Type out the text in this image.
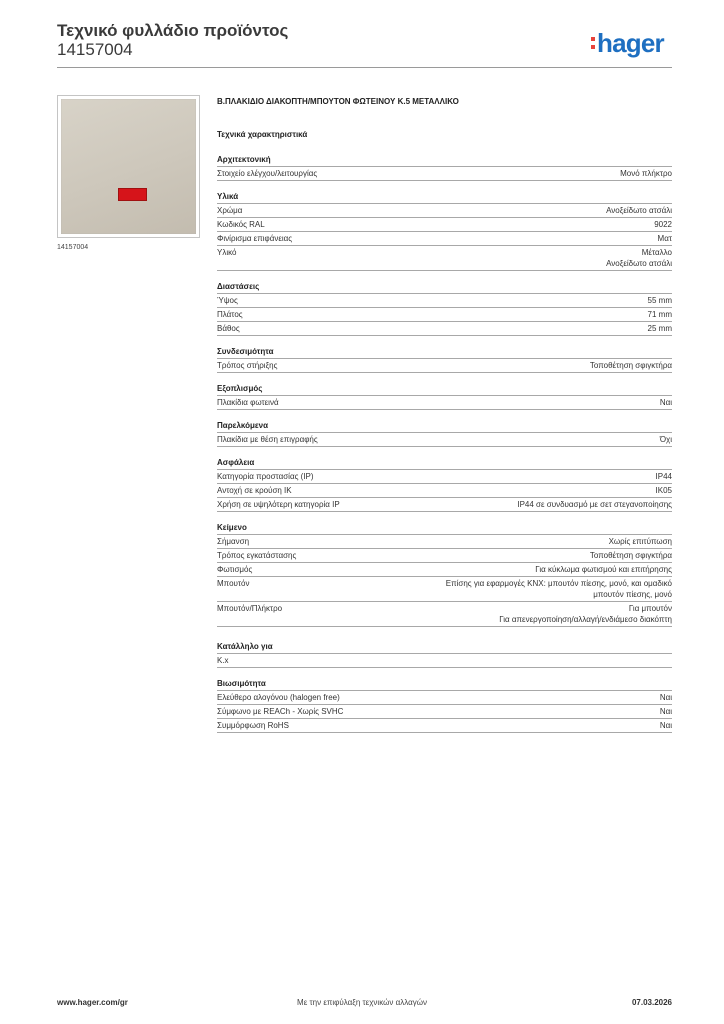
Τεχνικό φυλλάδιο προϊόντος
14157004	hager
14157004
Β.ΠΛΑΚΙΔΙΟ ΔΙΑΚΟΠΤΗ/ΜΠΟΥΤΟΝ ΦΩΤΕΙΝΟΥ Κ.5 ΜΕΤΑΛΛΙΚΟ
Τεχνικά χαρακτηριστικά
Αρχιτεκτονική
Στοιχείο ελέγχου/λειτουργίας	Μονό πλήκτρο
Υλικά
Χρώμα	Ανοξείδωτο ατσάλι
Κωδικός RAL	9022
Φινίρισμα επιφάνειας	Ματ
Υλικό	Μέταλλο
Ανοξείδωτο ατσάλι
Διαστάσεις
Ύψος	55 mm
Πλάτος	71 mm
Βάθος	25 mm
Συνδεσιμότητα
Τρόπος στήριξης	Τοποθέτηση σφιγκτήρα
Εξοπλισμός
Πλακίδια φωτεινά	Ναι
Παρελκόμενα
Πλακίδια με θέση επιγραφής	Όχι
Ασφάλεια
Κατηγορία προστασίας (IP)	IP44
Αντοχή σε κρούση IK	IK05
Χρήση σε υψηλότερη κατηγορία IP	IP44 σε συνδυασμό με σετ στεγανοποίησης
Κείμενο
Σήμανση	Χωρίς επιτύπωση
Τρόπος εγκατάστασης	Τοποθέτηση σφιγκτήρα
Φωτισμός	Για κύκλωμα φωτισμού και επιτήρησης
Μπουτόν	Επίσης για εφαρμογές KNX: μπουτόν πίεσης, μονό, και ομαδικό
μπουτόν πίεσης, μονό
Μπουτόν/Πλήκτρο	Για μπουτόν
Για απενεργοποίηση/αλλαγή/ενδιάμεσο διακόπτη
Κατάλληλο για
K.x
Βιωσιμότητα
Ελεύθερο αλογόνου (halogen free)	Ναι
Σύμφωνο με REACh - Χωρίς SVHC	Ναι
Συμμόρφωση RoHS	Ναι
www.hager.com/gr	Με την επιφύλαξη τεχνικών αλλαγών	07.03.2026
